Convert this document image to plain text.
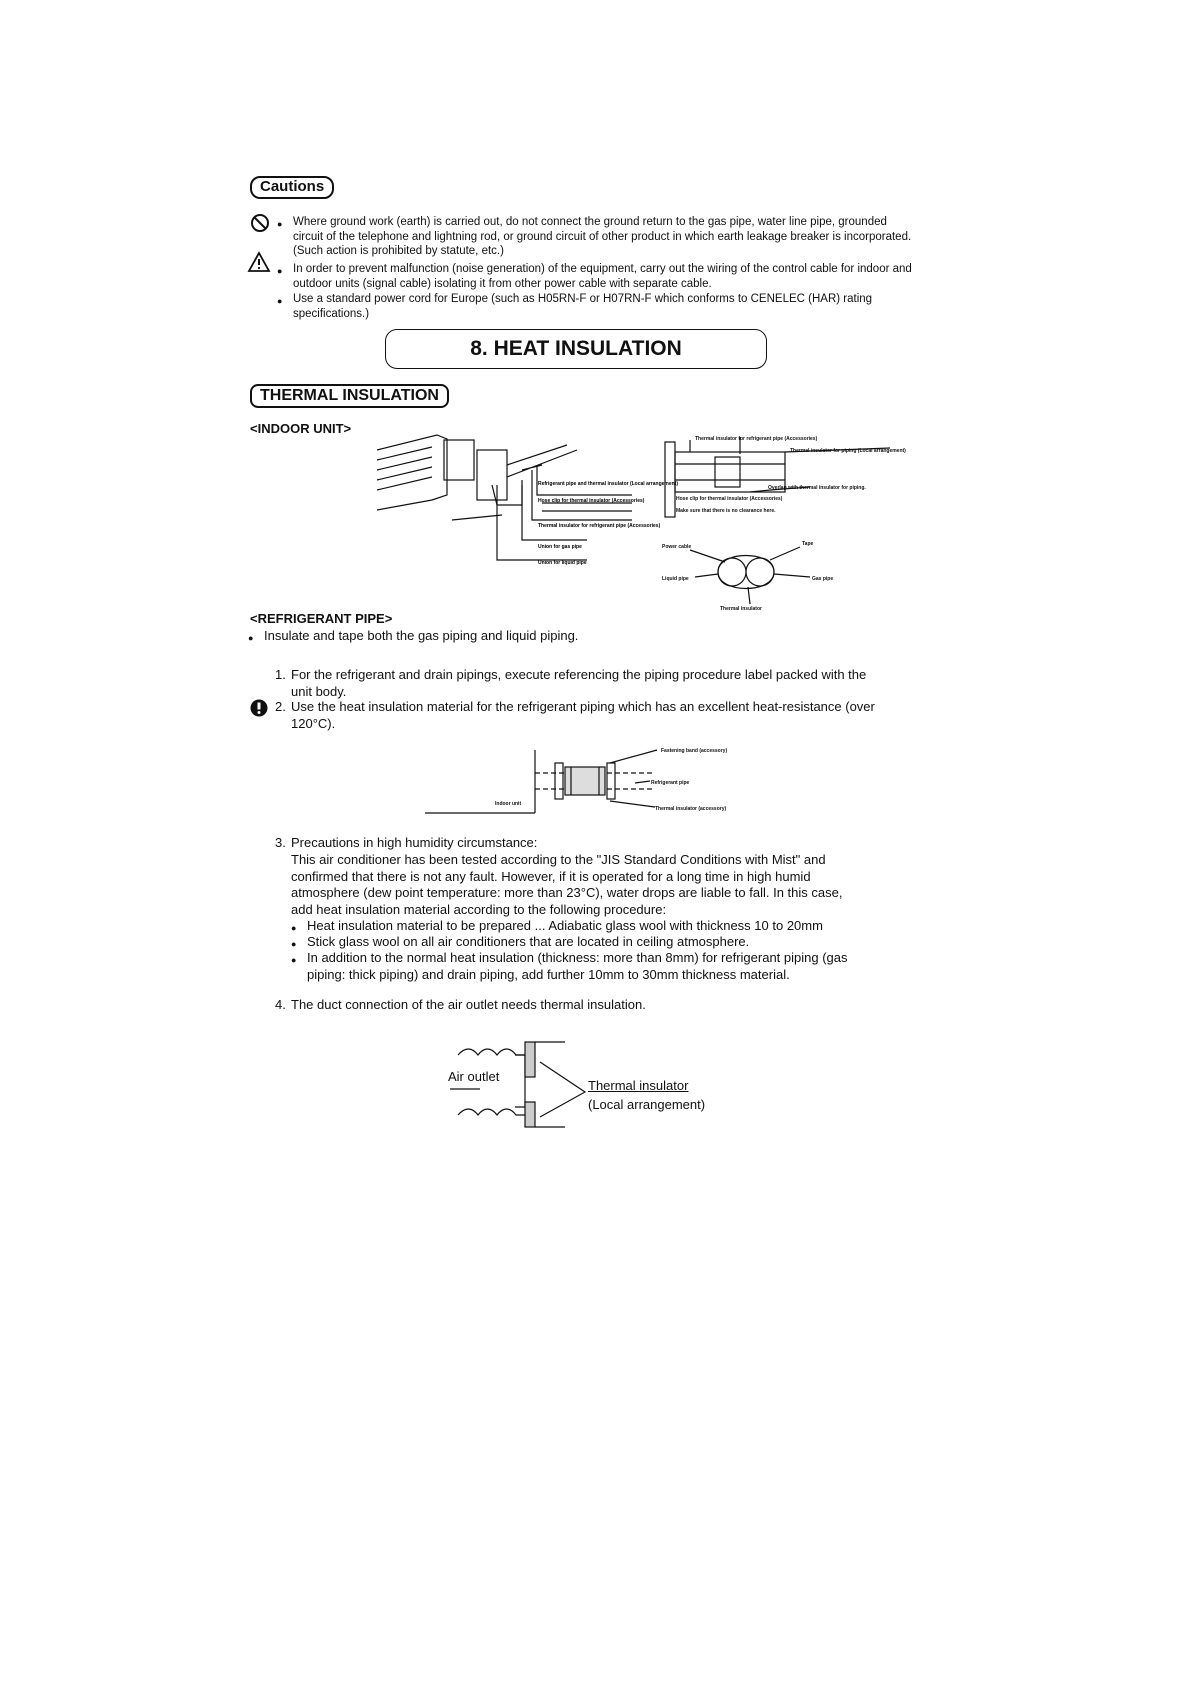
Cautions
● Where ground work (earth) is carried out, do not connect the ground return to the gas pipe, water line pipe, grounded circuit of the telephone and lightning rod, or ground circuit of other product in which earth leakage breaker is incorporated. (Such action is prohibited by statute, etc.)
● In order to prevent malfunction (noise generation) of the equipment, carry out the wiring of the control cable for indoor and outdoor units (signal cable) isolating it from other power cable with separate cable.
● Use a standard power cord for Europe (such as H05RN-F or H07RN-F which conforms to CENELEC (HAR) rating specifications.)
8. HEAT INSULATION
THERMAL INSULATION
<INDOOR UNIT>
Refrigerant pipe and thermal insulator (Local arrangement)
Hose clip for thermal insulator (Accessories)
Thermal insulator for refrigerant pipe (Accessories)
Union for gas pipe
Union for liquid pipe
Thermal insulator for refrigerant pipe (Accessories)
Thermal insulator for piping (Local arrangement)
Overlap with thermal insulator for piping.
Hose clip for thermal insulator (Accessories)
Make sure that there is no clearance here.
Power cable	Tape
Liquid pipe	Gas pipe
Thermal insulator
<REFRIGERANT PIPE>
● Insulate and tape both the gas piping and liquid piping.
1. For the refrigerant and drain pipings, execute referencing the piping procedure label packed with the unit body.
2. Use the heat insulation material for the refrigerant piping which has an excellent heat-resistance (over 120°C).
Fastening band (accessory)
Refrigerant pipe
Thermal insulator (accessory)
Indoor unit
3. Precautions in high humidity circumstance:
This air conditioner has been tested according to the "JIS Standard Conditions with Mist" and confirmed that there is not any fault. However, if it is operated for a long time in high humid atmosphere (dew point temperature: more than 23°C), water drops are liable to fall. In this case, add heat insulation material according to the following procedure:
● Heat insulation material to be prepared ... Adiabatic glass wool with thickness 10 to 20mm
● Stick glass wool on all air conditioners that are located in ceiling atmosphere.
● In addition to the normal heat insulation (thickness: more than 8mm) for refrigerant piping (gas piping: thick piping) and drain piping, add further 10mm to 30mm thickness material.
4. The duct connection of the air outlet needs thermal insulation.
Air outlet
Thermal insulator
(Local arrangement)
